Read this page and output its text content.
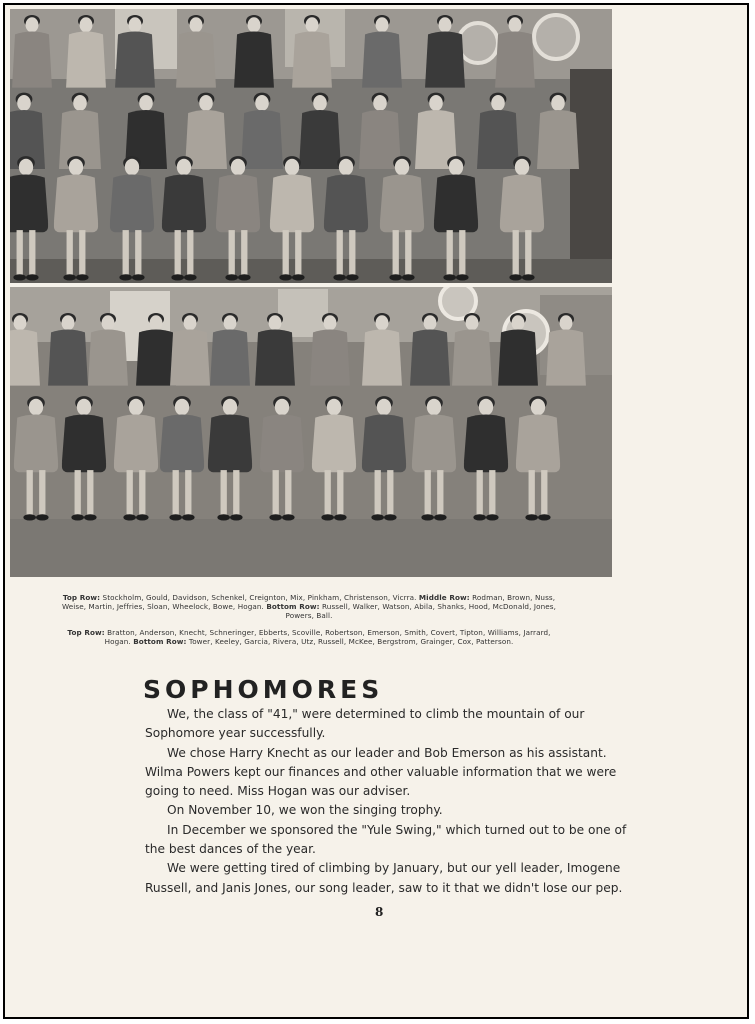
Top Row: Stockholm, Gould, Davidson, Schenkel, Creignton, Mix, Pinkham, Christenson, Vicrra. Middle Row: Rodman, Brown, Nuss, Weise, Martin, Jeffries, Sloan, Wheelock, Bowe, Hogan. Bottom Row: Russell, Walker, Watson, Abila, Shanks, Hood, McDonald, Jones, Powers, Ball.
Top Row: Bratton, Anderson, Knecht, Schneringer, Ebberts, Scoville, Robertson, Emerson, Smith, Covert, Tipton, Williams, Jarrard, Hogan. Bottom Row: Tower, Keeley, Garcia, Rivera, Utz, Russell, McKee, Bergstrom, Grainger, Cox, Patterson.
SOPHOMORES

We, the class of "41," were determined to climb the mountain of our Sophomore year successfully.

We chose Harry Knecht as our leader and Bob Emerson as his assistant. Wilma Powers kept our finances and other valuable information that we were going to need. Miss Hogan was our adviser.

On November 10, we won the singing trophy.

In December we sponsored the "Yule Swing," which turned out to be one of the best dances of the year.

We were getting tired of climbing by January, but our yell leader, Imogene Russell, and Janis Jones, our song leader, saw to it that we didn't lose our pep.

8
